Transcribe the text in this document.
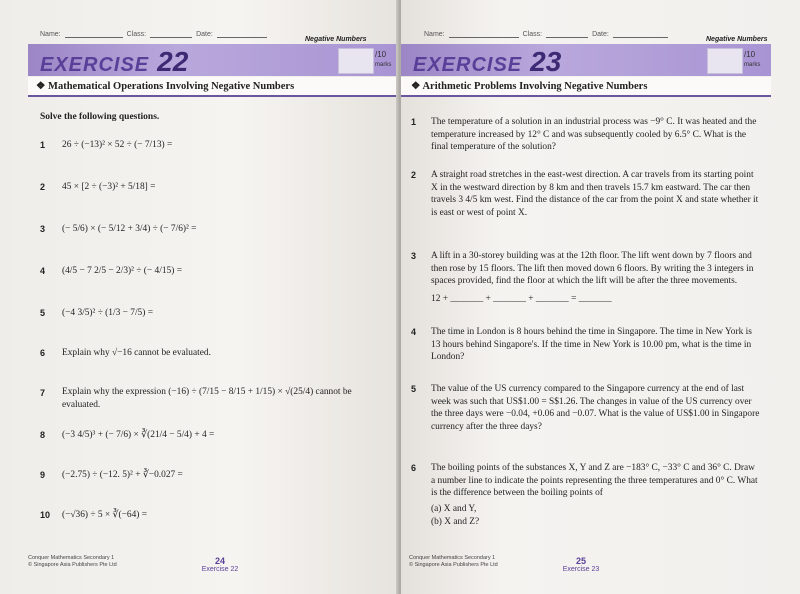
Name:	Class:	Date:
Negative Numbers
EXERCISE 22	/10
marks
❖ Mathematical Operations Involving Negative Numbers
Solve the following questions.
1 26 ÷ (−13)² × 52 ÷ (− 7/13) =
2 45 × [2 ÷ (−3)² + 5/18] =
3 (− 5/6) × (− 5/12 + 3/4) ÷ (− 7/6)² =
4 (4/5 − 7 2/5 − 2/3)² ÷ (− 4/15) =
5 (−4 3/5)² ÷ (1/3 − 7/5) =
6 Explain why √−16 cannot be evaluated.
7 Explain why the expression (−16) ÷ (7/15 − 8/15 + 1/15) × √(25/4) cannot be evaluated.
8 (−3 4/5)³ + (− 7/6) × ∛(21/4 − 5/4) + 4 =
9 (−2.75) ÷ (−12. 5)² + ∛−0.027 =
10 (−√36) ÷ 5 × ∛(−64) =
Conquer Mathematics Secondary 1
© Singapore Asia Publishers Pte Ltd	24
Exercise 22
Name:	Class:	Date:
Negative Numbers
EXERCISE 23	/10
marks
❖ Arithmetic Problems Involving Negative Numbers
1 The temperature of a solution in an industrial process was −9° C. It was heated and the temperature increased by 12° C and was subsequently cooled by 6.5° C. What is the final temperature of the solution?
2 A straight road stretches in the east-west direction. A car travels from its starting point X in the westward direction by 8 km and then travels 15.7 km eastward. The car then travels 3 4/5 km west. Find the distance of the car from the point X and state whether it is east or west of point X.
3 A lift in a 30-storey building was at the 12th floor. The lift went down by 7 floors and then rose by 15 floors. The lift then moved down 6 floors. By writing the 3 integers in spaces provided, find the floor at which the lift will be after the three movements.
12 + _______ + _______ + _______ = _______
4 The time in London is 8 hours behind the time in Singapore. The time in New York is 13 hours behind Singapore's. If the time in New York is 10.00 pm, what is the time in London?
5 The value of the US currency compared to the Singapore currency at the end of last week was such that US$1.00 = S$1.26. The changes in value of the US currency over the three days were −0.04, +0.06 and −0.07. What is the value of US$1.00 in Singapore currency after the three days?
6 The boiling points of the substances X, Y and Z are −183° C, −33° C and 36° C. Draw a number line to indicate the points representing the three temperatures and 0° C. What is the difference between the boiling points of
(a) X and Y,
(b) X and Z?
Conquer Mathematics Secondary 1
© Singapore Asia Publishers Pte Ltd	25
Exercise 23
